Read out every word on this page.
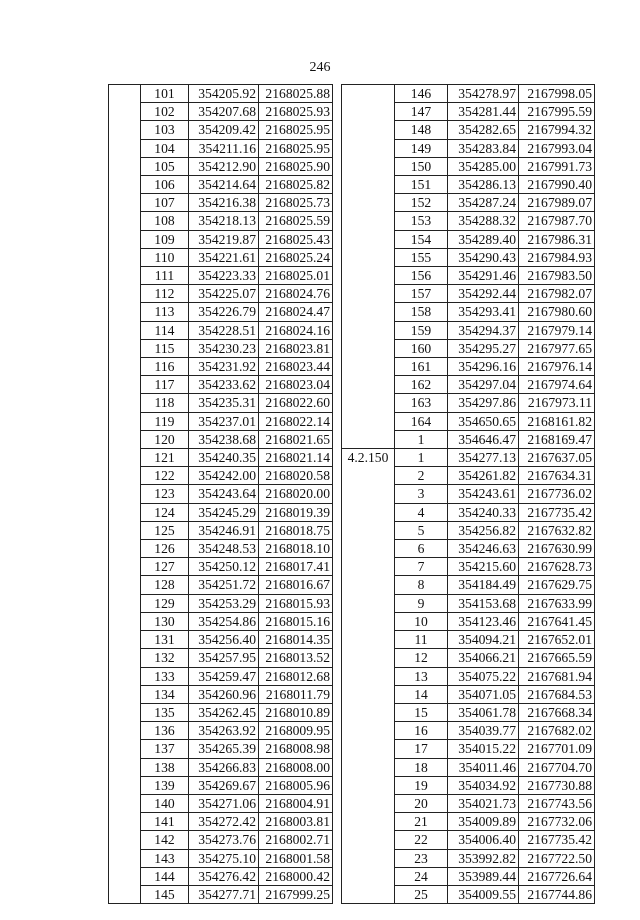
246
	101	354205.92	2168025.88
	102	354207.68	2168025.93
	103	354209.42	2168025.95
	104	354211.16	2168025.95
	105	354212.90	2168025.90
	106	354214.64	2168025.82
	107	354216.38	2168025.73
	108	354218.13	2168025.59
	109	354219.87	2168025.43
	110	354221.61	2168025.24
	111	354223.33	2168025.01
	112	354225.07	2168024.76
	113	354226.79	2168024.47
	114	354228.51	2168024.16
	115	354230.23	2168023.81
	116	354231.92	2168023.44
	117	354233.62	2168023.04
	118	354235.31	2168022.60
	119	354237.01	2168022.14
	120	354238.68	2168021.65
	121	354240.35	2168021.14
	122	354242.00	2168020.58
	123	354243.64	2168020.00
	124	354245.29	2168019.39
	125	354246.91	2168018.75
	126	354248.53	2168018.10
	127	354250.12	2168017.41
	128	354251.72	2168016.67
	129	354253.29	2168015.93
	130	354254.86	2168015.16
	131	354256.40	2168014.35
	132	354257.95	2168013.52
	133	354259.47	2168012.68
	134	354260.96	2168011.79
	135	354262.45	2168010.89
	136	354263.92	2168009.95
	137	354265.39	2168008.98
	138	354266.83	2168008.00
	139	354269.67	2168005.96
	140	354271.06	2168004.91
	141	354272.42	2168003.81
	142	354273.76	2168002.71
	143	354275.10	2168001.58
	144	354276.42	2168000.42
	145	354277.71	2167999.25
	146	354278.97	2167998.05
	147	354281.44	2167995.59
	148	354282.65	2167994.32
	149	354283.84	2167993.04
	150	354285.00	2167991.73
	151	354286.13	2167990.40
	152	354287.24	2167989.07
	153	354288.32	2167987.70
	154	354289.40	2167986.31
	155	354290.43	2167984.93
	156	354291.46	2167983.50
	157	354292.44	2167982.07
	158	354293.41	2167980.60
	159	354294.37	2167979.14
	160	354295.27	2167977.65
	161	354296.16	2167976.14
	162	354297.04	2167974.64
	163	354297.86	2167973.11
	164	354650.65	2168161.82
	1	354646.47	2168169.47
4.2.150	1	354277.13	2167637.05
	2	354261.82	2167634.31
	3	354243.61	2167736.02
	4	354240.33	2167735.42
	5	354256.82	2167632.82
	6	354246.63	2167630.99
	7	354215.60	2167628.73
	8	354184.49	2167629.75
	9	354153.68	2167633.99
	10	354123.46	2167641.45
	11	354094.21	2167652.01
	12	354066.21	2167665.59
	13	354075.22	2167681.94
	14	354071.05	2167684.53
	15	354061.78	2167668.34
	16	354039.77	2167682.02
	17	354015.22	2167701.09
	18	354011.46	2167704.70
	19	354034.92	2167730.88
	20	354021.73	2167743.56
	21	354009.89	2167732.06
	22	354006.40	2167735.42
	23	353992.82	2167722.50
	24	353989.44	2167726.64
	25	354009.55	2167744.86
